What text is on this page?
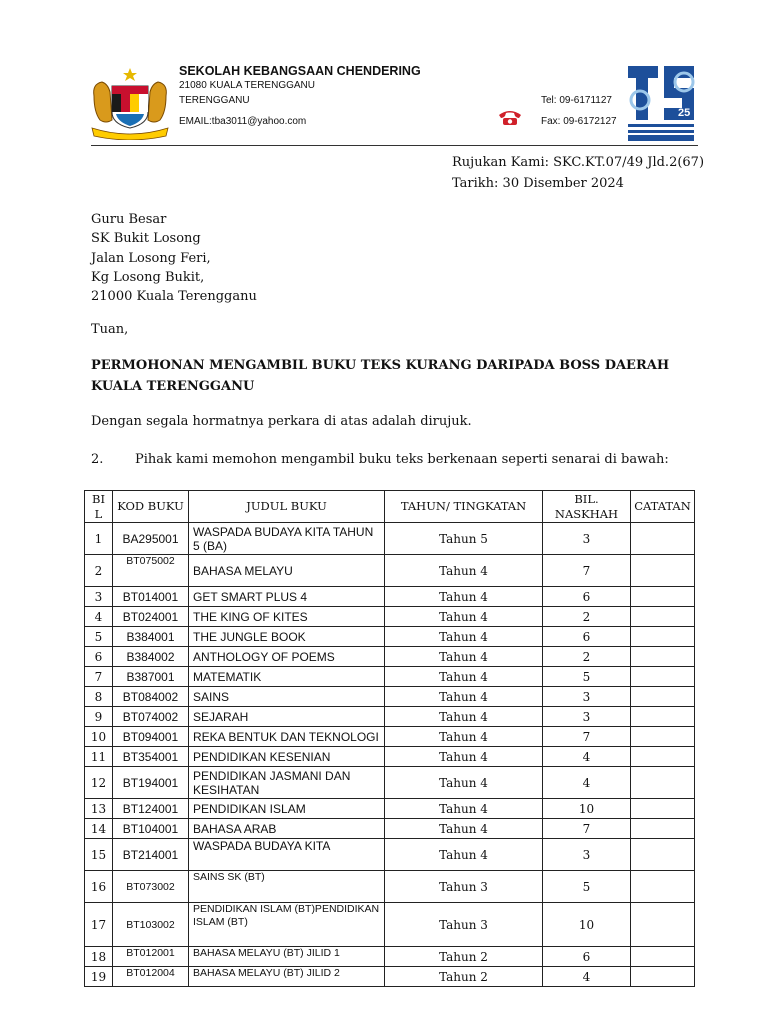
SEKOLAH KEBANGSAAN CHENDERING
21080 KUALA TERENGGANU
TERENGGANU
EMAIL:tba3011@yahoo.com
Tel: 09-6171127
Fax: 09-6172127
25
Rujukan Kami: SKC.KT.07/49 Jld.2(67)
Tarikh: 30 Disember 2024
Guru Besar
SK Bukit Losong
Jalan Losong Feri,
Kg Losong Bukit,
21000 Kuala Terengganu
Tuan,
PERMOHONAN MENGAMBIL BUKU TEKS KURANG DARIPADA BOSS DAERAH KUALA TERENGGANU
Dengan segala hormatnya perkara di atas adalah dirujuk.
2. Pihak kami memohon mengambil buku teks berkenaan seperti senarai di bawah:
BI L	KOD BUKU	JUDUL BUKU	TAHUN/ TINGKATAN	BIL. NASKHAH	CATATAN
1	BA295001	WASPADA BUDAYA KITA TAHUN 5 (BA)	Tahun 5	3	
2	BT075002	BAHASA MELAYU	Tahun 4	7	
3	BT014001	GET SMART PLUS 4	Tahun 4	6	
4	BT024001	THE KING OF KITES	Tahun 4	2	
5	B384001	THE JUNGLE BOOK	Tahun 4	6	
6	B384002	ANTHOLOGY OF POEMS	Tahun 4	2	
7	B387001	MATEMATIK	Tahun 4	5	
8	BT084002	SAINS	Tahun 4	3	
9	BT074002	SEJARAH	Tahun 4	3	
10	BT094001	REKA BENTUK DAN TEKNOLOGI	Tahun 4	7	
11	BT354001	PENDIDIKAN KESENIAN	Tahun 4	4	
12	BT194001	PENDIDIKAN JASMANI DAN KESIHATAN	Tahun 4	4	
13	BT124001	PENDIDIKAN ISLAM	Tahun 4	10	
14	BT104001	BAHASA ARAB	Tahun 4	7	
15	BT214001	WASPADA BUDAYA KITA	Tahun 4	3	
16	BT073002	SAINS SK (BT)	Tahun 3	5	
17	BT103002	PENDIDIKAN ISLAM (BT)PENDIDIKAN ISLAM (BT)	Tahun 3	10	
18	BT012001	BAHASA MELAYU (BT) JILID 1	Tahun 2	6	
19	BT012004	BAHASA MELAYU (BT) JILID 2	Tahun 2	4	
